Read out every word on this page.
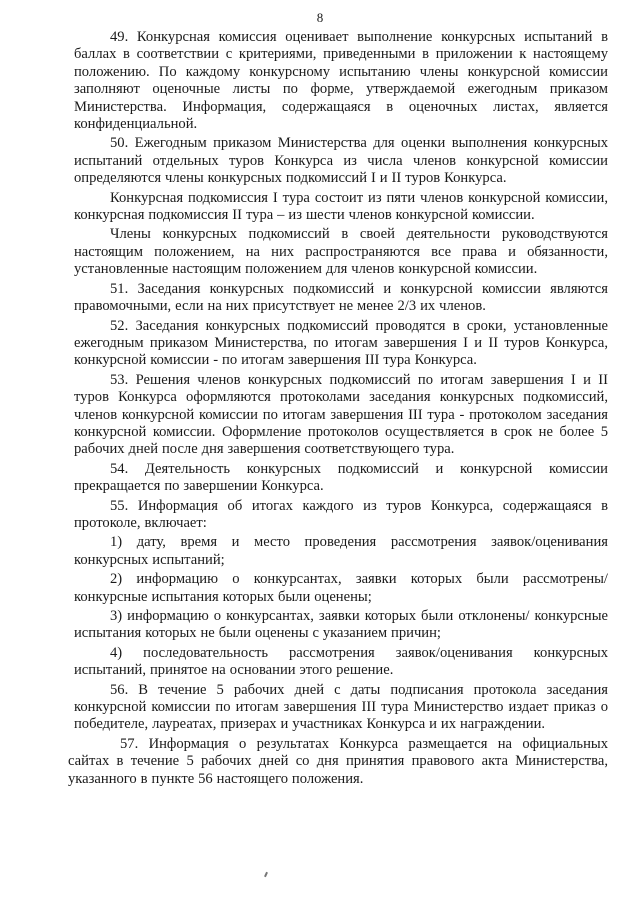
8

49. Конкурсная комиссия оценивает выполнение конкурсных испытаний в баллах в соответствии с критериями, приведенными в приложении к настоящему положению. По каждому конкурсному испытанию члены конкурсной комиссии заполняют оценочные листы по форме, утверждаемой ежегодным приказом Министерства. Информация, содержащаяся в оценочных листах, является конфиденциальной.

50. Ежегодным приказом Министерства для оценки выполнения конкурсных испытаний отдельных туров Конкурса из числа членов конкурсной комиссии определяются члены конкурсных подкомиссий I и II туров Конкурса.

Конкурсная подкомиссия I тура состоит из пяти членов конкурсной комиссии, конкурсная подкомиссия II тура – из шести членов конкурсной комиссии.

Члены конкурсных подкомиссий в своей деятельности руководствуются настоящим положением, на них распространяются все права и обязанности, установленные настоящим положением для членов конкурсной комиссии.

51. Заседания конкурсных подкомиссий и конкурсной комиссии являются правомочными, если на них присутствует не менее 2/3 их членов.

52. Заседания конкурсных подкомиссий проводятся в сроки, установленные ежегодным приказом Министерства, по итогам завершения I и II туров Конкурса, конкурсной комиссии - по итогам завершения III тура Конкурса.

53. Решения членов конкурсных подкомиссий по итогам завершения I и II туров Конкурса оформляются протоколами заседания конкурсных подкомиссий, членов конкурсной комиссии по итогам завершения III тура - протоколом заседания конкурсной комиссии. Оформление протоколов осуществляется в срок не более 5 рабочих дней после дня завершения соответствующего тура.

54. Деятельность конкурсных подкомиссий и конкурсной комиссии прекращается по завершении Конкурса.

55. Информация об итогах каждого из туров Конкурса, содержащаяся в протоколе, включает:

1) дату, время и место проведения рассмотрения заявок/оценивания конкурсных испытаний;

2) информацию о конкурсантах, заявки которых были рассмотрены/ конкурсные испытания которых были оценены;

3) информацию о конкурсантах, заявки которых были отклонены/ конкурсные испытания которых не были оценены с указанием причин;

4) последовательность рассмотрения заявок/оценивания конкурсных испытаний, принятое на основании этого решение.

56. В течение 5 рабочих дней с даты подписания протокола заседания конкурсной комиссии по итогам завершения III тура Министерство издает приказ о победителе, лауреатах, призерах и участниках Конкурса и их награждении.

57. Информация о результатах Конкурса размещается на официальных сайтах в течение 5 рабочих дней со дня принятия правового акта Министерства, указанного в пункте 56 настоящего положения.
